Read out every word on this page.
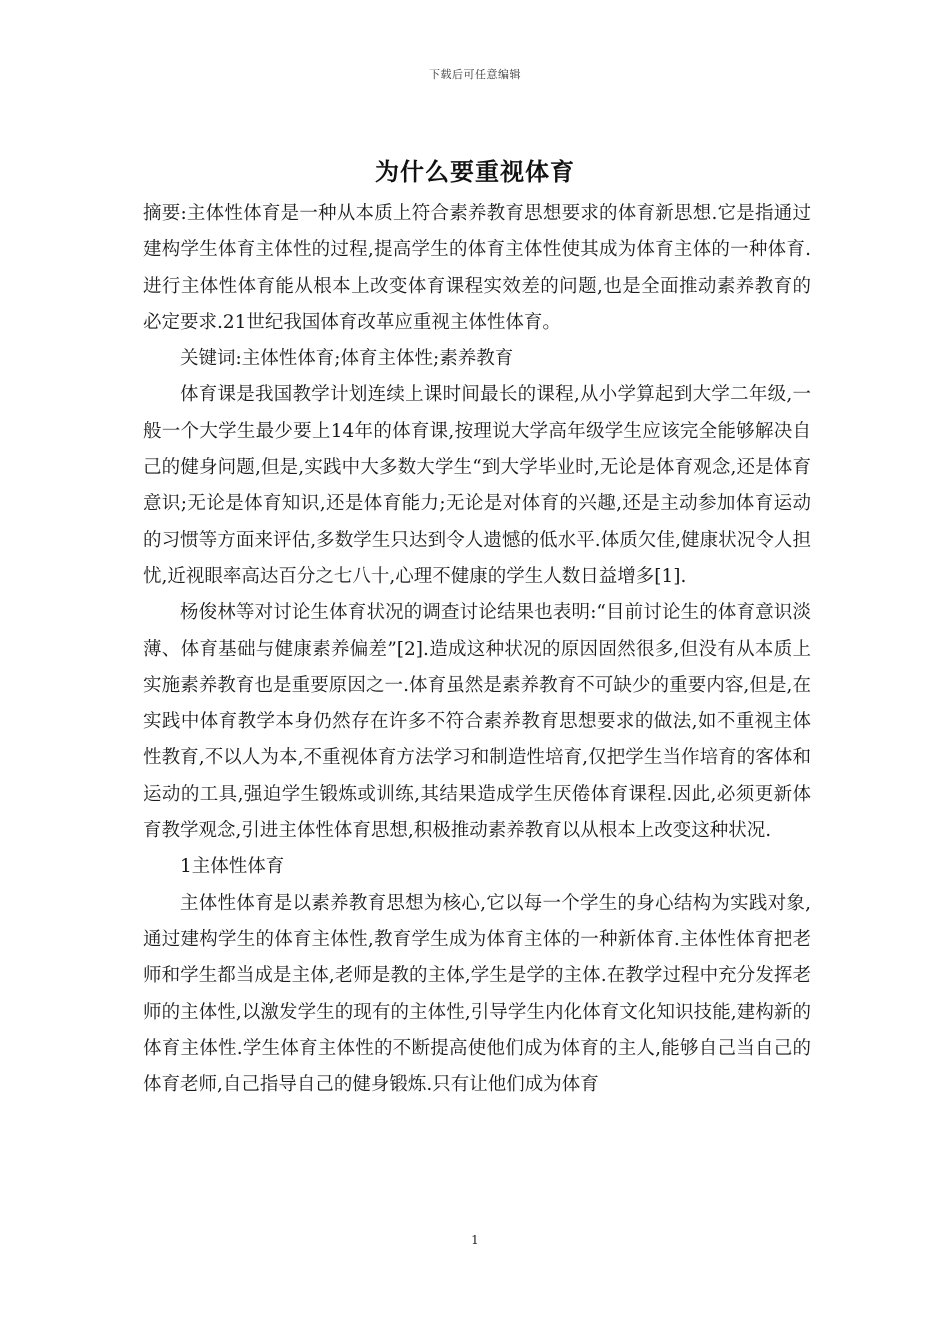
下载后可任意编辑
为什么要重视体育

摘要:主体性体育是一种从本质上符合素养教育思想要求的体育新思想.它是指通过建构学生体育主体性的过程,提高学生的体育主体性使其成为体育主体的一种体育.进行主体性体育能从根本上改变体育课程实效差的问题,也是全面推动素养教育的必定要求.21世纪我国体育改革应重视主体性体育。

关键词:主体性体育;体育主体性;素养教育

体育课是我国教学计划连续上课时间最长的课程,从小学算起到大学二年级,一般一个大学生最少要上14年的体育课,按理说大学高年级学生应该完全能够解决自己的健身问题,但是,实践中大多数大学生“到大学毕业时,无论是体育观念,还是体育意识;无论是体育知识,还是体育能力;无论是对体育的兴趣,还是主动参加体育运动的习惯等方面来评估,多数学生只达到令人遗憾的低水平.体质欠佳,健康状况令人担忧,近视眼率高达百分之七八十,心理不健康的学生人数日益增多[1].

杨俊林等对讨论生体育状况的调查讨论结果也表明:“目前讨论生的体育意识淡薄、体育基础与健康素养偏差”[2].造成这种状况的原因固然很多,但没有从本质上实施素养教育也是重要原因之一.体育虽然是素养教育不可缺少的重要内容,但是,在实践中体育教学本身仍然存在许多不符合素养教育思想要求的做法,如不重视主体性教育,不以人为本,不重视体育方法学习和制造性培育,仅把学生当作培育的客体和运动的工具,强迫学生锻炼或训练,其结果造成学生厌倦体育课程.因此,必须更新体育教学观念,引进主体性体育思想,积极推动素养教育以从根本上改变这种状况.

1主体性体育

主体性体育是以素养教育思想为核心,它以每一个学生的身心结构为实践对象,通过建构学生的体育主体性,教育学生成为体育主体的一种新体育.主体性体育把老师和学生都当成是主体,老师是教的主体,学生是学的主体.在教学过程中充分发挥老师的主体性,以激发学生的现有的主体性,引导学生内化体育文化知识技能,建构新的体育主体性.学生体育主体性的不断提高使他们成为体育的主人,能够自己当自己的体育老师,自己指导自己的健身锻炼.只有让他们成为体育

1
